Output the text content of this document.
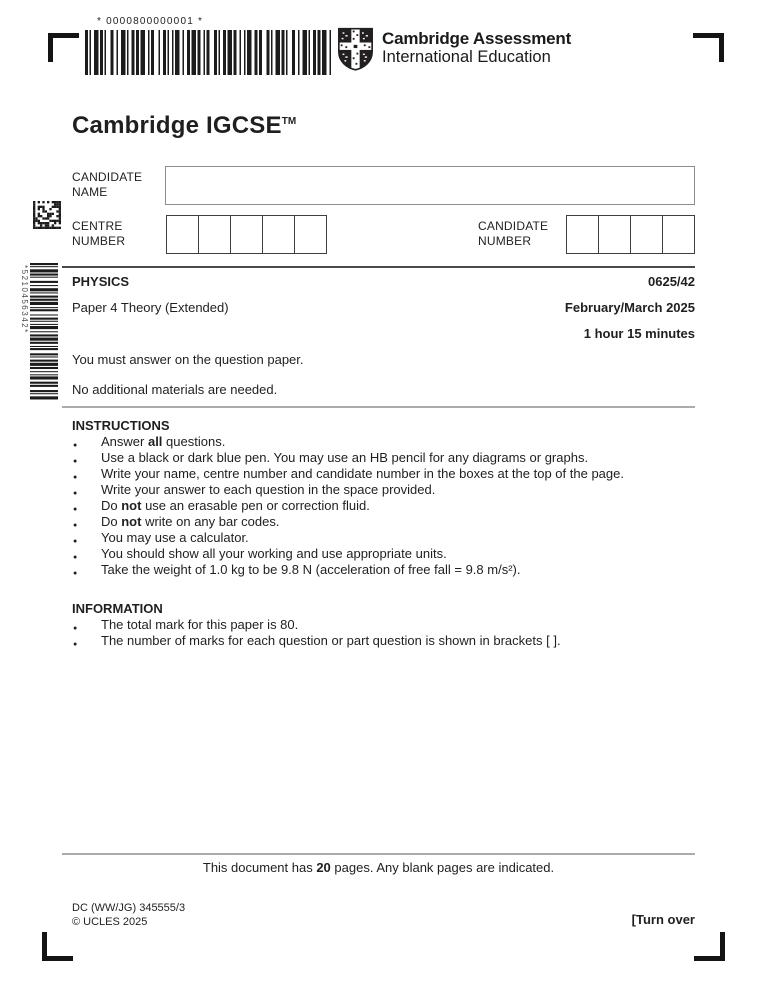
* 0000800000001 *
Cambridge Assessment
International Education
Cambridge IGCSE™
CANDIDATE
NAME
CENTRE
NUMBER
CANDIDATE
NUMBER
*5210456342*	PHYSICS	0625/42
Paper 4 Theory (Extended)	February/March 2025
1 hour 15 minutes
You must answer on the question paper.
No additional materials are needed.
INSTRUCTIONS
● Answer all questions.
● Use a black or dark blue pen. You may use an HB pencil for any diagrams or graphs.
● Write your name, centre number and candidate number in the boxes at the top of the page.
● Write your answer to each question in the space provided.
● Do not use an erasable pen or correction fluid.
● Do not write on any bar codes.
● You may use a calculator.
● You should show all your working and use appropriate units.
● Take the weight of 1.0 kg to be 9.8 N (acceleration of free fall = 9.8 m/s²).
INFORMATION
● The total mark for this paper is 80.
● The number of marks for each question or part question is shown in brackets [ ].
This document has 20 pages. Any blank pages are indicated.
DC (WW/JG) 345555/3
© UCLES 2025	[Turn over
